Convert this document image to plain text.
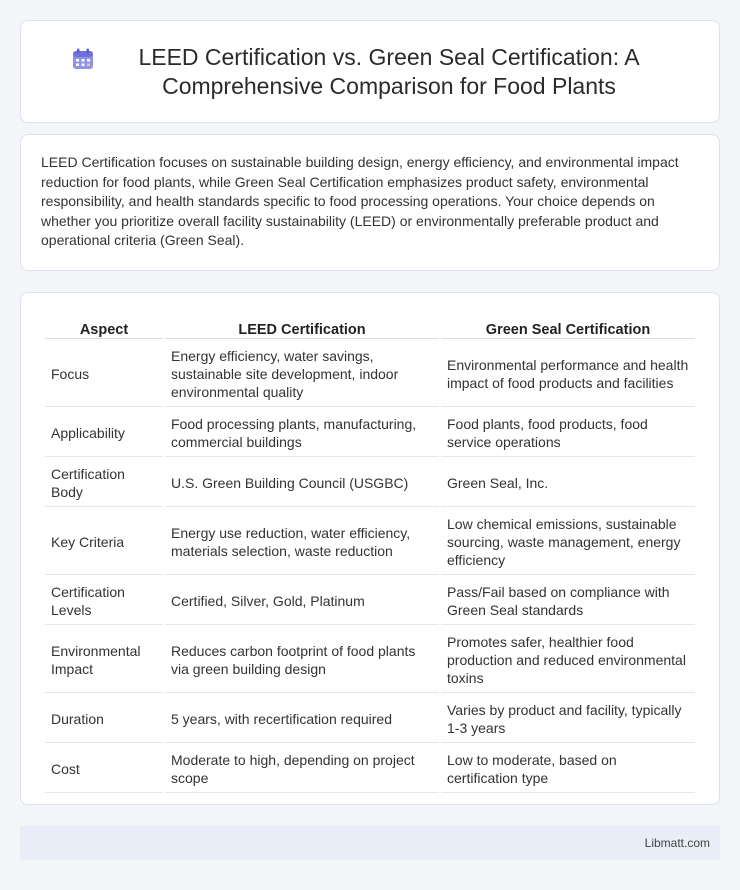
LEED Certification vs. Green Seal Certification: A Comprehensive Comparison for Food Plants

LEED Certification focuses on sustainable building design, energy efficiency, and environmental impact reduction for food plants, while Green Seal Certification emphasizes product safety, environmental responsibility, and health standards specific to food processing operations. Your choice depends on whether you prioritize overall facility sustainability (LEED) or environmentally preferable product and operational criteria (Green Seal).

Aspect	LEED Certification	Green Seal Certification
Focus	Energy efficiency, water savings, sustainable site development, indoor environmental quality	Environmental performance and health impact of food products and facilities
Applicability	Food processing plants, manufacturing, commercial buildings	Food plants, food products, food service operations
Certification Body	U.S. Green Building Council (USGBC)	Green Seal, Inc.
Key Criteria	Energy use reduction, water efficiency, materials selection, waste reduction	Low chemical emissions, sustainable sourcing, waste management, energy efficiency
Certification Levels	Certified, Silver, Gold, Platinum	Pass/Fail based on compliance with Green Seal standards
Environmental Impact	Reduces carbon footprint of food plants via green building design	Promotes safer, healthier food production and reduced environmental toxins
Duration	5 years, with recertification required	Varies by product and facility, typically 1-3 years
Cost	Moderate to high, depending on project scope	Low to moderate, based on certification type
Libmatt.com
